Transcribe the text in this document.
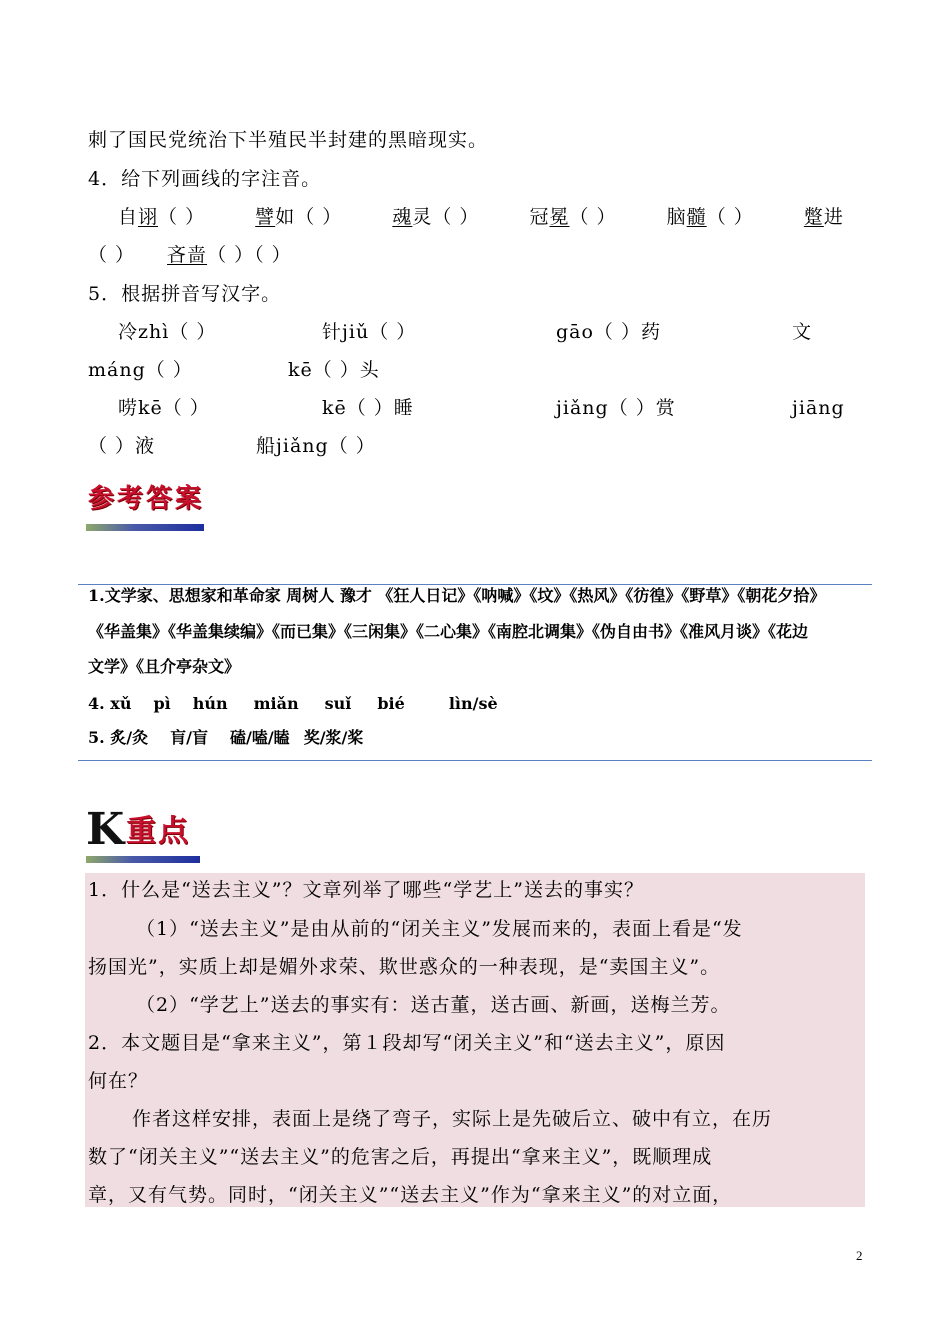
刺了国民党统治下半殖民半封建的黑暗现实。
4．给下列画线的字注音。
自诩（ ）	譬如（ ）	魂灵（ ）	冠冕（ ）	脑髓（ ）	蹩进
（ ） 吝啬（ ）（ ）
5．根据拼音写汉字。
冷zhì（ ）	针jiǔ（ ）	gāo（ ）药	文
máng（ ）	kē（ ）头
唠kē（ ）	kē（ ）睡	jiǎng（ ）赏	jiāng
（ ）液	船jiǎng（ ）
参考答案
1.文学家、思想家和革命家 周树人 豫才 《狂人日记》《呐喊》《坟》《热风》《彷徨》《野草》《朝花夕拾》
《华盖集》《华盖集续编》《而已集》《三闲集》《二心集》《南腔北调集》《伪自由书》《准风月谈》《花边
文学》《且介亭杂文》
4. xǔ pì hún miǎn suǐ bié	lìn/sè
5. 炙/灸 肓/盲 磕/嗑/瞌 奖/浆/桨
K 重点
1．什么是“送去主义”？文章列举了哪些“学艺上”送去的事实？
（1）“送去主义”是由从前的“闭关主义”发展而来的，表面上看是“发
扬国光”，实质上却是媚外求荣、欺世惑众的一种表现，是“卖国主义”。
（2）“学艺上”送去的事实有：送古董，送古画、新画，送梅兰芳。
2．本文题目是“拿来主义”，第１段却写“闭关主义”和“送去主义”，原因
何在？
作者这样安排，表面上是绕了弯子，实际上是先破后立、破中有立，在历
数了“闭关主义”“送去主义”的危害之后，再提出“拿来主义”，既顺理成
章，又有气势。同时，“闭关主义”“送去主义”作为“拿来主义”的对立面，
2
